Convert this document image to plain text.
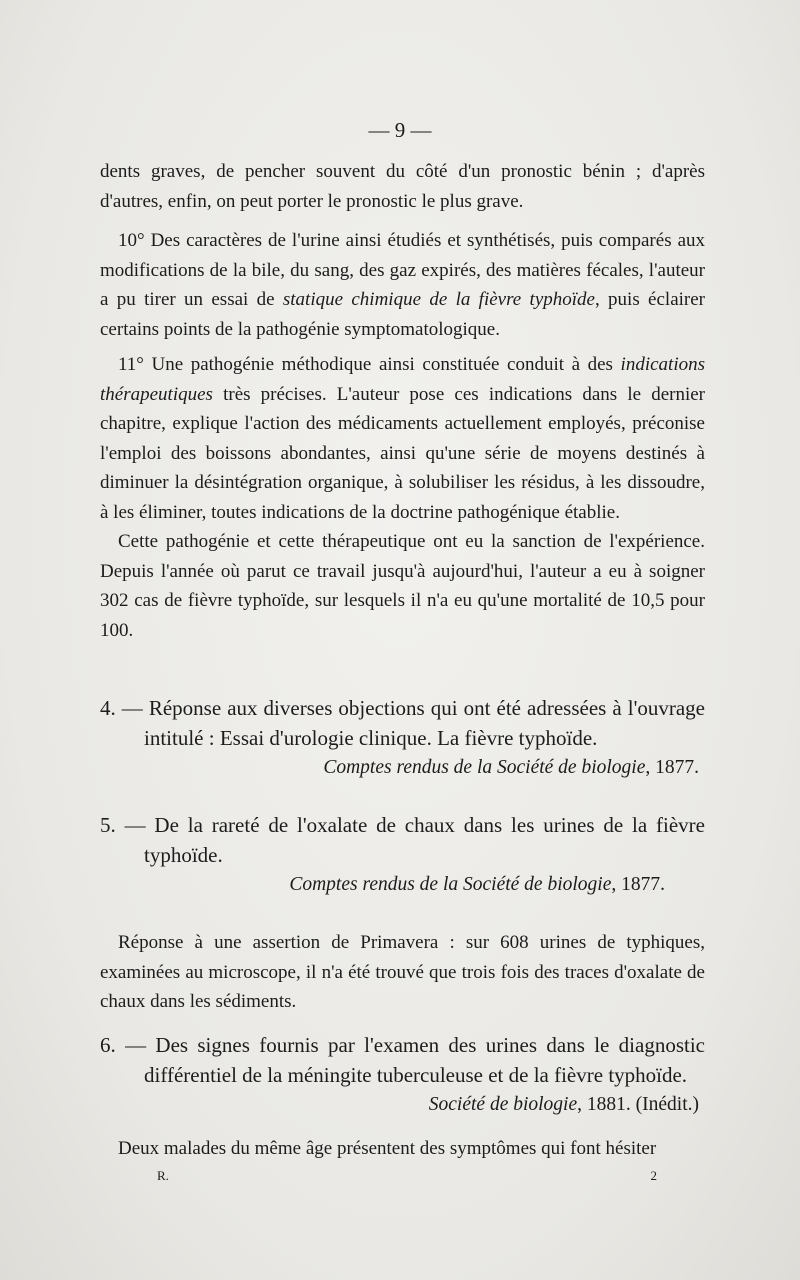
— 9 —

dents graves, de pencher souvent du côté d'un pronostic bénin ; d'après d'autres, enfin, on peut porter le pronostic le plus grave.

10° Des caractères de l'urine ainsi étudiés et synthétisés, puis comparés aux modifications de la bile, du sang, des gaz expirés, des matières fécales, l'auteur a pu tirer un essai de statique chimique de la fièvre typhoïde, puis éclairer certains points de la pathogénie symptomatologique.

11° Une pathogénie méthodique ainsi constituée conduit à des indications thérapeutiques très précises. L'auteur pose ces indications dans le dernier chapitre, explique l'action des médicaments actuellement employés, préconise l'emploi des boissons abondantes, ainsi qu'une série de moyens destinés à diminuer la désintégration organique, à solubiliser les résidus, à les dissoudre, à les éliminer, toutes indications de la doctrine pathogénique établie.

Cette pathogénie et cette thérapeutique ont eu la sanction de l'expérience. Depuis l'année où parut ce travail jusqu'à aujourd'hui, l'auteur a eu à soigner 302 cas de fièvre typhoïde, sur lesquels il n'a eu qu'une mortalité de 10,5 pour 100.

4. — Réponse aux diverses objections qui ont été adressées à l'ouvrage intitulé : Essai d'urologie clinique. La fièvre typhoïde.

Comptes rendus de la Société de biologie, 1877.

5. — De la rareté de l'oxalate de chaux dans les urines de la fièvre typhoïde.

Comptes rendus de la Société de biologie, 1877.

Réponse à une assertion de Primavera : sur 608 urines de typhiques, examinées au microscope, il n'a été trouvé que trois fois des traces d'oxalate de chaux dans les sédiments.

6. — Des signes fournis par l'examen des urines dans le diagnostic différentiel de la méningite tuberculeuse et de la fièvre typhoïde.

Société de biologie, 1881. (Inédit.)

Deux malades du même âge présentent des symptômes qui font hésiter

R.	2
